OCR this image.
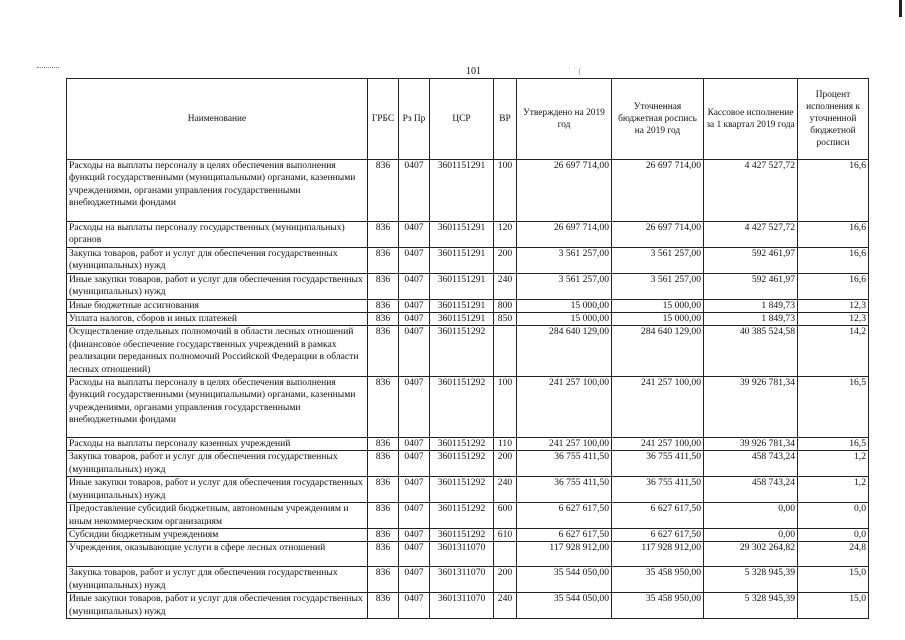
101	˙ ˙ (
Наименование	ГРБС	Рз Пр	ЦСР	ВР	Утверждено на 2019 год	Уточненная бюджетная роспись на 2019 год	Кассовое исполнение за 1 квартал 2019 года	Процент исполнения к уточненной бюджетной росписи
Расходы на выплаты персоналу в целях обеспечения выполнения функций государственными (муниципальными) органами, казенными учреждениями, органами управления государственными внебюджетными фондами	836	0407	3601151291	100	26 697 714,00	26 697 714,00	4 427 527,72	16,6
Расходы на выплаты персоналу государственных (муниципальных) органов	836	0407	3601151291	120	26 697 714,00	26 697 714,00	4 427 527,72	16,6
Закупка товаров, работ и услуг для обеспечения государственных (муниципальных) нужд	836	0407	3601151291	200	3 561 257,00	3 561 257,00	592 461,97	16,6
Иные закупки товаров, работ и услуг для обеспечения государственных (муниципальных) нужд	836	0407	3601151291	240	3 561 257,00	3 561 257,00	592 461,97	16,6
Иные бюджетные ассигнования	836	0407	3601151291	800	15 000,00	15 000,00	1 849,73	12,3
Уплата налогов, сборов и иных платежей	836	0407	3601151291	850	15 000,00	15 000,00	1 849,73	12,3
Осуществление отдельных полномочий в области лесных отношений (финансовое обеспечение государственных учреждений в рамках реализации переданных полномочий Российской Федерации в области лесных отношений)	836	0407	3601151292		284 640 129,00	284 640 129,00	40 385 524,58	14,2
Расходы на выплаты персоналу в целях обеспечения выполнения функций государственными (муниципальными) органами, казенными учреждениями, органами управления государственными внебюджетными фондами	836	0407	3601151292	100	241 257 100,00	241 257 100,00	39 926 781,34	16,5
Расходы на выплаты персоналу казенных учреждений	836	0407	3601151292	110	241 257 100,00	241 257 100,00	39 926 781,34	16,5
Закупка товаров, работ и услуг для обеспечения государственных (муниципальных) нужд	836	0407	3601151292	200	36 755 411,50	36 755 411,50	458 743,24	1,2
Иные закупки товаров, работ и услуг для обеспечения государственных (муниципальных) нужд	836	0407	3601151292	240	36 755 411,50	36 755 411,50	458 743,24	1,2
Предоставление субсидий бюджетным, автономным учреждениям и иным некоммерческим организациям	836	0407	3601151292	600	6 627 617,50	6 627 617,50	0,00	0,0
Субсидии бюджетным учреждениям	836	0407	3601151292	610	6 627 617,50	6 627 617,50	0,00	0,0
Учреждения, оказывающие услуги в сфере лесных отношений	836	0407	3601311070		117 928 912,00	117 928 912,00	29 302 264,82	24,8
Закупка товаров, работ и услуг для обеспечения государственных (муниципальных) нужд	836	0407	3601311070	200	35 544 050,00	35 458 950,00	5 328 945,39	15,0
Иные закупки товаров, работ и услуг для обеспечения государственных (муниципальных) нужд	836	0407	3601311070	240	35 544 050,00	35 458 950,00	5 328 945,39	15,0
